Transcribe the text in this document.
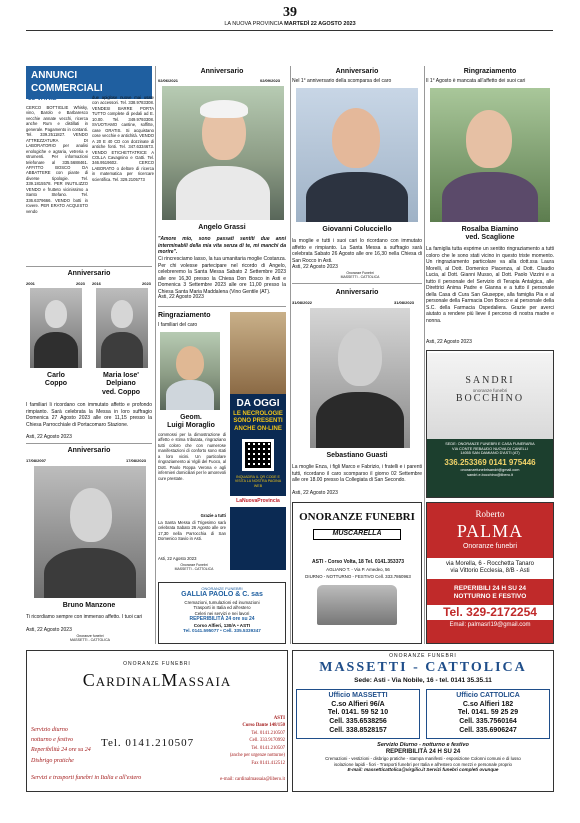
39
LA NUOVA PROVINCIA MARTEDÌ 22 AGOSTO 2023
ANNUNCI COMMERCIALI
33 VARIE
CERCO BOTTIGLIE Whisky, vino, Barolo e Barbaresco vecchie annate vecchi, ricerca anche Rum e distillati in generale. Pagamento in contanti. Tel. 339.2511827. VENDO ATTREZZATURA DI LABORATORIO per analisi enologiche e agraria, vetreria e strumenti. Per informazioni telefonare al 335.5688461. AFFITTO BOSCO DA ABBATTERE con piante di diverse tipologie. Tel. 339.1815578. PER INUTILIZZO VENDO e frutteto vicinissimo a Santo Stefano. Tel. 336.6379666. VENDO botti in rovere. PER ERATO ACQUISTO vendo
due apiglose nuove mai usate con accessori. Tel. 338.9783308. VENDESI BARRE PORTA TUTTO complete di pedali ad E. 10.00. Tel. 349.9793308. SVUOTIAMO cantine, soffitte, case GRATIS. Si acquistano cose vecchie e antichità. VENDO A 20 E 40 CD con dozzinate di antiche fonti. Tel. 347.6334673. VENDO ETICHETTATRICE A COLLA Cavagnino e Gatti. Tel. 346.9519602. CERCO LABORATO o deltore di ricerca in matematica per ricercare scientifica. Tel. 329.2105773
Anniversario
2001	2023 2016	2023
Carlo
Coppo
Maria Iose'
Delpiano
ved. Coppo
I familiari li ricordano con immutato affetto e profondo rimpianto. Sarà celebrata la Messa in loro suffragio Domenica 27 Agosto 2023 alle ore 11,15 presso la Chiesa Parrocchiale di Portacomaro Stazione.
Asti, 22 Agosto 2023
Anniversario
17/08/2007	17/08/2023
Bruno Manzone
Ti ricordiamo sempre con immenso affetto. I tuoi cari
Asti, 22 Agosto 2023
Onoranze funebri
MASSETTI - CATTOLICA
Anniversario
02/06/2021	02/09/2023
Angelo Grassi
"Amore mio, sono passati sentiti due anni interminabili della mia vita senza di te, mi manchi da morire".
Ci rincresciamo lasso, la tua umanitaria moglie Costanza. Per chi volesse partecipare nel ricordo di Angelo, celebreremo la Santa Messa Sabato 2 Settembre 2023 alle ore 16,30 presso la Chiesa Don Bosco in Asti e Domenica 3 Settembre 2023 alle ore 11,00 presso la Chiesa Santa Maria Maddalena (Vino Gentile (AT).
Asti, 22 Agosto 2023
Ringraziamento
I familiari del caro
Geom.
Luigi Moraglio
commossi per la dimostrazione di affetto e stima tributata, ringraziano tutti coloro che con numerose manifestazioni di conforto sono stati a loro vicini. Un particolare ringraziamento ai Vigili del Fuoco, al Dott. Paolo Roppa Verona e agli infermieri domiciliari per le amorevoli cure prestate.
Grazie a tutti
La Santa Messa di Trigesimo sarà celebrata Sabato 26 Agosto alle ore 17,30 nella Parrocchia di San Domenico Savio in Asti.
Asti, 22 Agosto 2023
Onoranze Funebri
MASSETTI - CATTOLICA
DA OGGI
LE NECROLOGIE
SONO PRESENTI
ANCHE ON-LINE
INQUADRA IL QR CODE E VISITA LA NOSTRA PAGINA WEB
LaNuovaProvincia
ONORANZE FUNEBRI
GALLIA PAOLO & C. sas
Cremazioni, tumulazioni ed inumazioni
Trasporti in Italia ed all'estero
Celeri nei servizi e nei lavori
REPERIBILITÀ 24 ore su 24
Corso Alfieri, 130/A • ASTI
Tel. 0141.595077 • Cell. 335.5339347
Anniversario
Nel 1° anniversario della scomparsa del caro
Giovanni Colucciello
la moglie e tutti i suoi cari lo ricordano con immutato affetto e rimpianto. La Santa Messa a suffragio sarà celebrata Sabato 26 Agosto alle ore 16,30 nella Chiesa di San Rocco in Asti.
Asti, 22 Agosto 2023
Onoranze Funebri
MASSETTI - CATTOLICA
Anniversario
31/08/2022	31/08/2023
Sebastiano Guasti
La moglie Enza, i figli Marco e Fabrizio, i fratelli e i parenti tutti, ricordano il caro scomparso il giorno 02 Settembre alle ore 18.00 presso la Collegiata di San Secondo.
Asti, 22 Agosto 2023
ONORANZE FUNEBRI
MUSCARELLA
ASTI - Corso Volta, 18 Tel. 0141.353373
AGLIANO T. - Via P. Amedeo, 56
DIURNO - NOTTURNO - FESTIVO Cell. 333.7860963
Ringraziamento
Il 1° Agosto è mancata all'affetto dei suoi cari
Rosalba Biamino
ved. Scaglione
La famiglia tutta esprime un sentito ringraziamento a tutti coloro che le sono stati vicino in questo triste momento. Un ringraziamento particolare va alla dott.ssa Laura Morelli, al Dott. Domenico Piacenza, al Dott. Claudio Lucia, al Dott. Gianni Musso, al Dott. Paolo Vizzini e a tutto il personale del Servizio di Terapia Antalgica, alle Direttrici Anima Padre e Gianna e a tutto il personale della Casa di Cura San Giuseppe, alla famiglia Pia e al personale della Farmacia Don Bosco e al personale della S.C. della Farmacia Ospedaliera. Grazie per averci aiutato a rendere più lieve il percorso di nostra madre e nonna.
Asti, 22 Agosto 2023
SANDRI
onoranze funebri
BOCCHINO
SEDE: ONORANZE FUNEBRI E CASA FUNERARIA
VIA CONTE REBAUDO NUOVA DI CANELLI
14055 SAN DAMIANO D'ASTI (AT)
336.253369 0141 975446
onoranzefunebrisandri@gmail.com
sandri.e.bocchino@libero.it
Roberto
PALMA
Onoranze funebri
via Morella, 6 - Rocchetta Tanaro
via Vittorio Ecclesia, 8/B - Asti
REPERIBILI 24 H SU 24
NOTTURNO E FESTIVO
Tel. 329-2172254
Email: palmasrl19@gmail.com
ONORANZE FUNEBRI
CardinalMassaia
Servizio diurno
notturno e festivo
Reperibilità 24 ore su 24
Disbrigo pratiche
Servizi e trasporti funebri in Italia e all'estero
Tel. 0141.210507
ASTI
Corso Dante 148/150
Tel. 0141.210507
Cell. 333.9170992
Tel. 0141.210507
(anche per urgenze notturne)
Fax 0141.412512
e-mail: cardinalmassaia@libero.it
ONORANZE FUNEBRI
MASSETTI - CATTOLICA
Sede: Asti - Via Nobile, 16 - tel. 0141 35.35.11
Ufficio MASSETTI
C.so Alfieri 96/A
Tel. 0141. 59 52 10
Cell. 335.6538256
Cell. 338.8528157
Ufficio CATTOLICA
C.so Alfieri 182
Tel. 0141. 59 25 29
Cell. 335.7560164
Cell. 335.6906247
Servizio Diurno - notturno e festivo
REPERIBILITÀ 24 H SU 24
Cremazioni - vestizioni - disbrigo pratiche - stampa manifesti - esposizione Colonni comuni e di lusso
isolazione lapidi - fiori - Trasporti funebri per Italia e all'estero con mezzi e personale proprio
E-mail: massetticattolica@virgilio.it Servizi funebri completi ovunque
